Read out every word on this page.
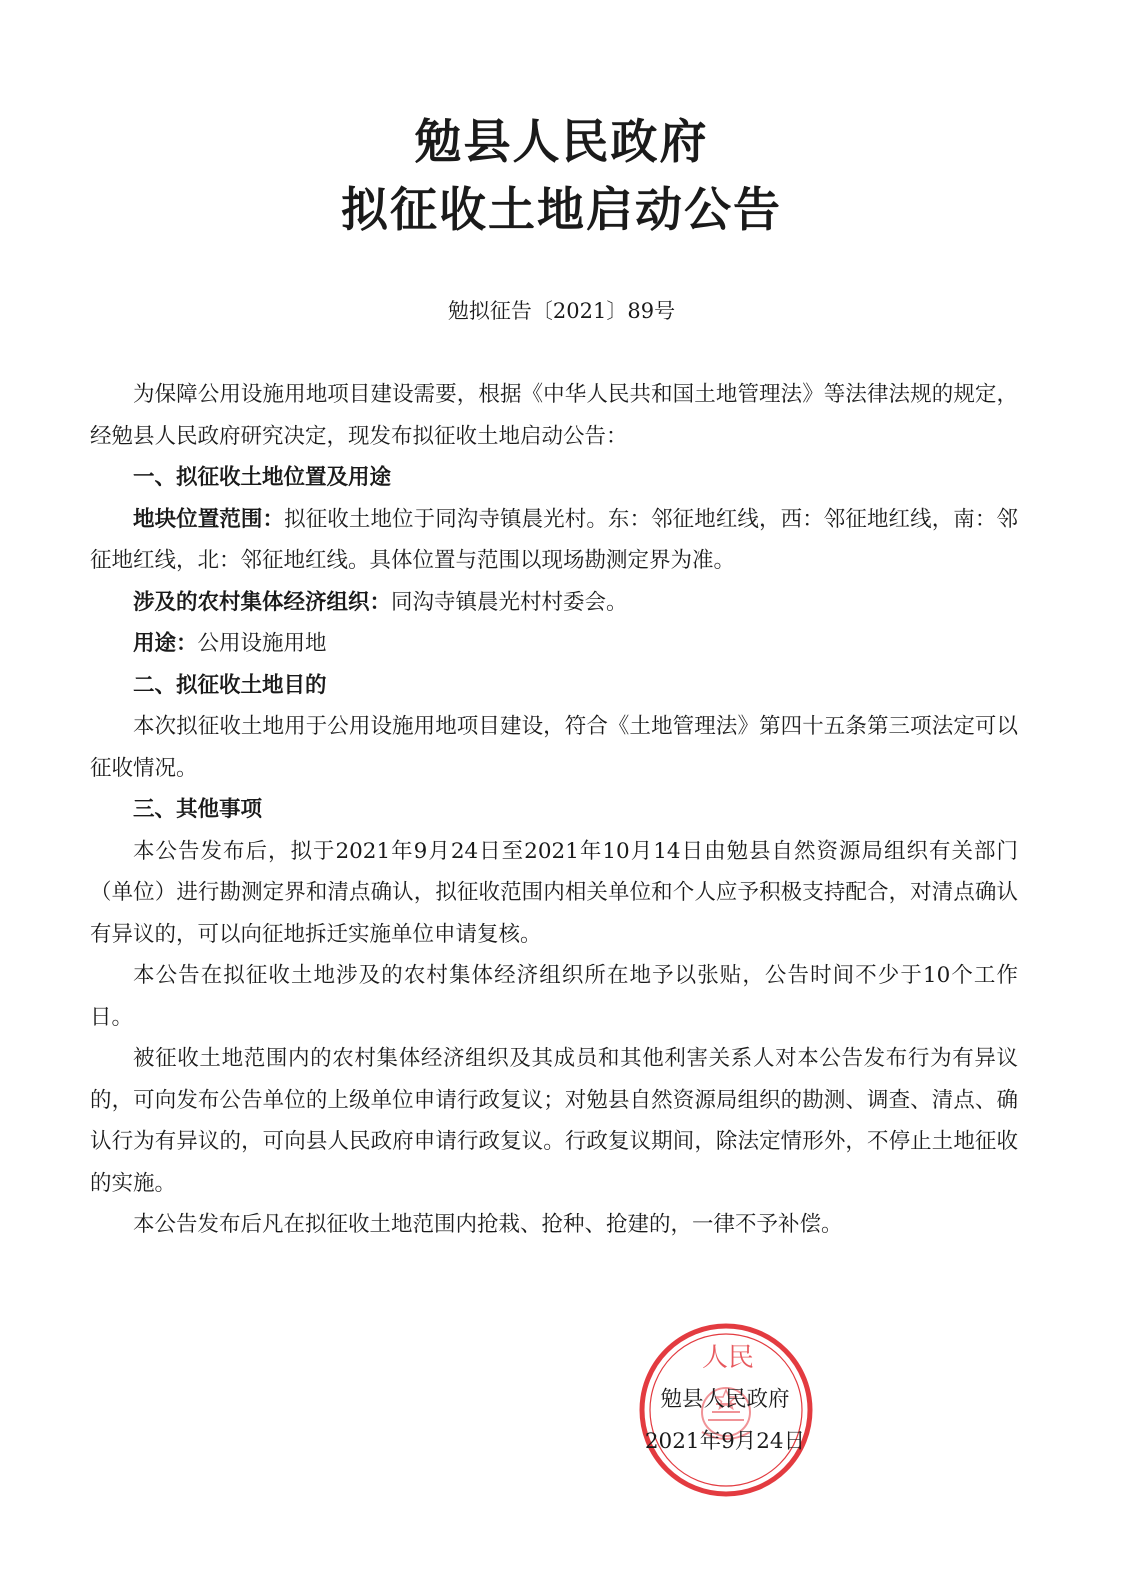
勉县人民政府
拟征收土地启动公告
勉拟征告〔2021〕89号

为保障公用设施用地项目建设需要，根据《中华人民共和国土地管理法》等法律法规的规定，经勉县人民政府研究决定，现发布拟征收土地启动公告：

一、拟征收土地位置及用途

地块位置范围：拟征收土地位于同沟寺镇晨光村。东：邻征地红线，西：邻征地红线，南：邻征地红线，北：邻征地红线。具体位置与范围以现场勘测定界为准。

涉及的农村集体经济组织：同沟寺镇晨光村村委会。

用途：公用设施用地

二、拟征收土地目的

本次拟征收土地用于公用设施用地项目建设，符合《土地管理法》第四十五条第三项法定可以征收情况。

三、其他事项

本公告发布后，拟于2021年9月24日至2021年10月14日由勉县自然资源局组织有关部门（单位）进行勘测定界和清点确认，拟征收范围内相关单位和个人应予积极支持配合，对清点确认有异议的，可以向征地拆迁实施单位申请复核。

本公告在拟征收土地涉及的农村集体经济组织所在地予以张贴，公告时间不少于10个工作日。

被征收土地范围内的农村集体经济组织及其成员和其他利害关系人对本公告发布行为有异议的，可向发布公告单位的上级单位申请行政复议；对勉县自然资源局组织的勘测、调查、清点、确认行为有异议的，可向县人民政府申请行政复议。行政复议期间，除法定情形外，不停止土地征收的实施。

本公告发布后凡在拟征收土地范围内抢栽、抢种、抢建的，一律不予补偿。

人民
勉县人民政府
2021年9月24日
